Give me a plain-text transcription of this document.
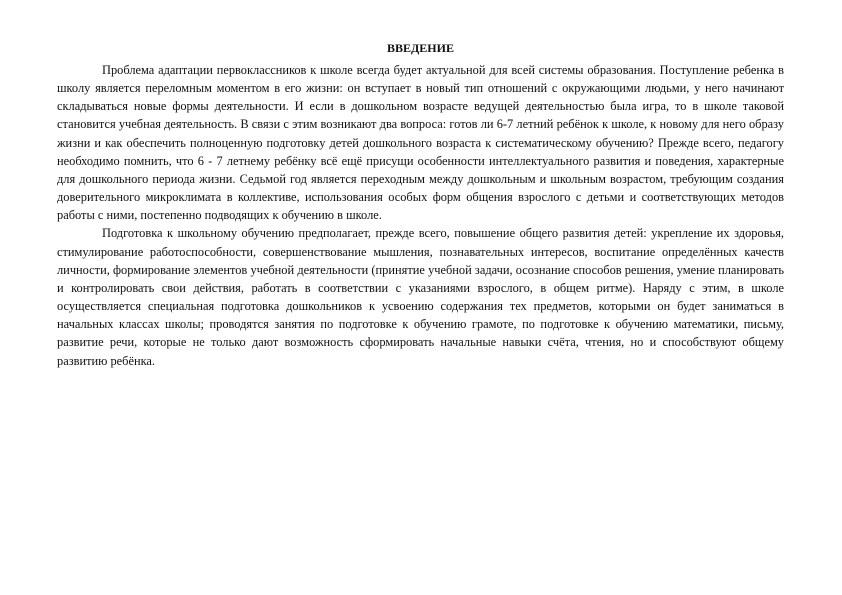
ВВЕДЕНИЕ

Проблема адаптации первоклассников к школе всегда будет актуальной для всей системы образования. Поступление ребенка в школу является переломным моментом в его жизни: он вступает в новый тип отношений с окружающими людьми, у него начинают складываться новые формы деятельности. И если в дошкольном возрасте ведущей деятельностью была игра, то в школе таковой становится учебная деятельность. В связи с этим возникают два вопроса: готов ли 6-7 летний ребёнок к школе, к новому для него образу жизни и как обеспечить полноценную подготовку детей дошкольного возраста к систематическому обучению? Прежде всего, педагогу необходимо помнить, что 6 - 7 летнему ребёнку всё ещё присущи особенности интеллектуального развития и поведения, характерные для дошкольного периода жизни. Седьмой год является переходным между дошкольным и школьным возрастом, требующим создания доверительного микроклимата в коллективе, использования особых форм общения взрослого с детьми и соответствующих методов работы с ними, постепенно подводящих к обучению в школе.

Подготовка к школьному обучению предполагает, прежде всего, повышение общего развития детей: укрепление их здоровья, стимулирование работоспособности, совершенствование мышления, познавательных интересов, воспитание определённых качеств личности, формирование элементов учебной деятельности (принятие учебной задачи, осознание способов решения, умение планировать и контролировать свои действия, работать в соответствии с указаниями взрослого, в общем ритме). Наряду с этим, в школе осуществляется специальная подготовка дошкольников к усвоению содержания тех предметов, которыми он будет заниматься в начальных классах школы; проводятся занятия по подготовке к обучению грамоте, по подготовке к обучению математики, письму, развитие речи, которые не только дают возможность сформировать начальные навыки счёта, чтения, но и способствуют общему развитию ребёнка.
